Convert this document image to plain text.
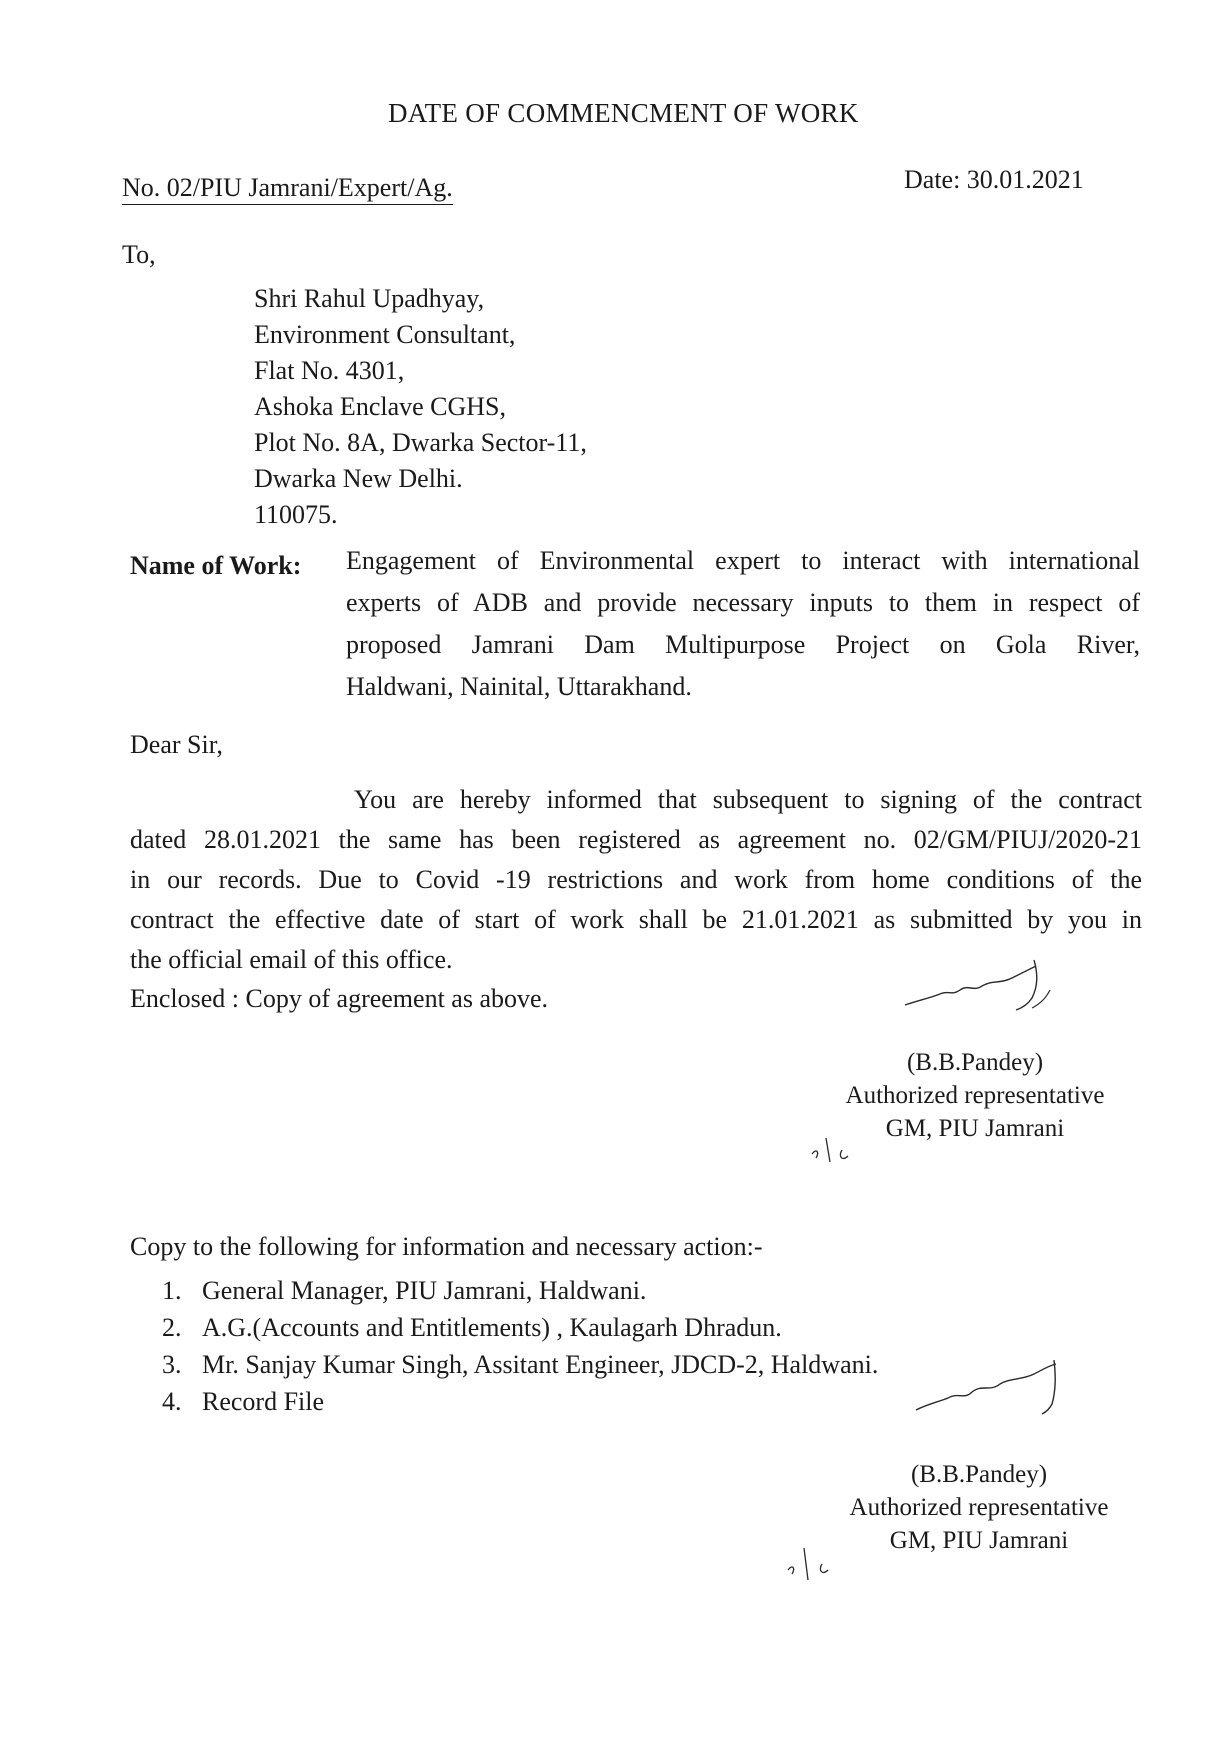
DATE OF COMMENCMENT OF WORK
No. 02/PIU Jamrani/Expert/Ag.	Date: 30.01.2021
To,
Shri Rahul Upadhyay,
Environment Consultant,
Flat No. 4301,
Ashoka Enclave CGHS,
Plot No. 8A, Dwarka Sector-11,
Dwarka New Delhi.
110075.
Name of Work: Engagement of Environmental expert to interact with international
experts of ADB and provide necessary inputs to them in respect of
proposed Jamrani Dam Multipurpose Project on Gola River,
Haldwani, Nainital, Uttarakhand.
Dear Sir,
You are hereby informed that subsequent to signing of the contract
dated 28.01.2021 the same has been registered as agreement no. 02/GM/PIUJ/2020-21
in our records. Due to Covid -19 restrictions and work from home conditions of the
contract the effective date of start of work shall be 21.01.2021 as submitted by you in
the official email of this office.
Enclosed : Copy of agreement as above.
(B.B.Pandey)
Authorized representative
GM, PIU Jamrani
Copy to the following for information and necessary action:-
1. General Manager, PIU Jamrani, Haldwani.
2. A.G.(Accounts and Entitlements) , Kaulagarh Dhradun.
3. Mr. Sanjay Kumar Singh, Assitant Engineer, JDCD-2, Haldwani.
4. Record File
(B.B.Pandey)
Authorized representative
GM, PIU Jamrani
